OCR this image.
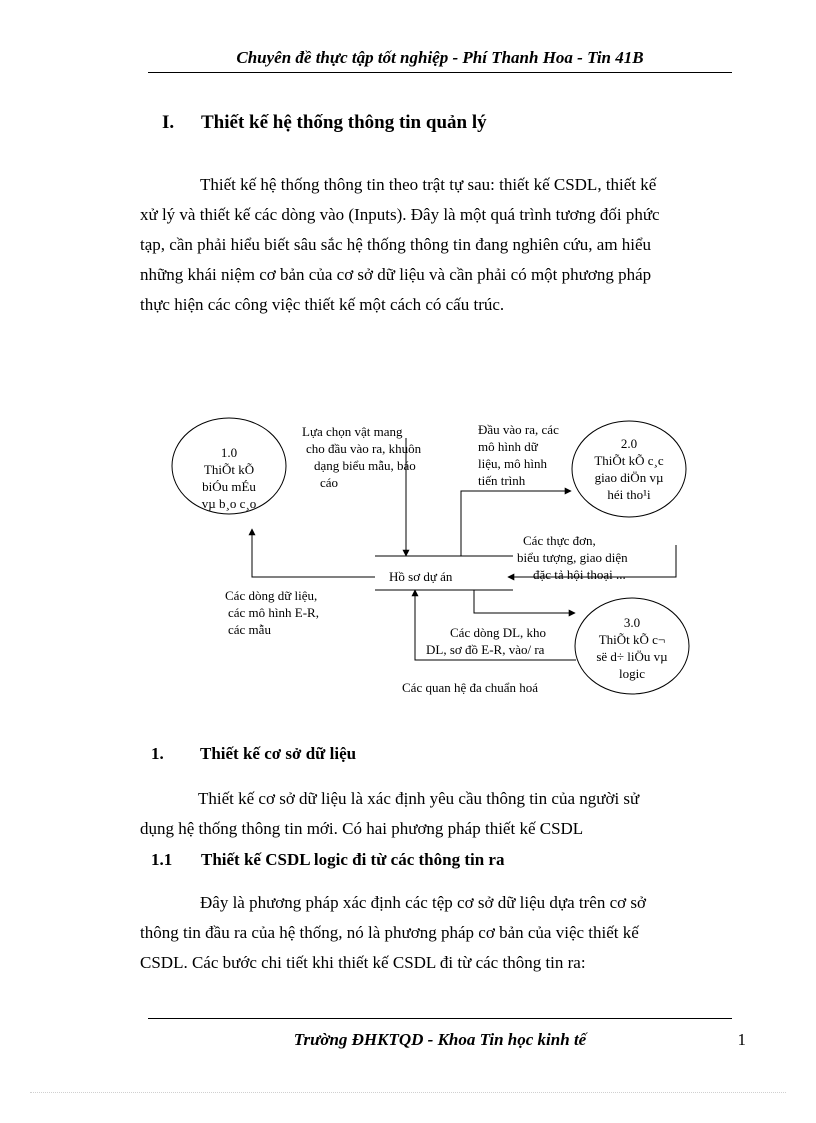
Chuyên đề thực tập tốt nghiệp - Phí Thanh Hoa - Tin 41B
I. Thiết kế hệ thống thông tin quản lý
Thiết kế hệ thống thông tin theo trật tự sau: thiết kế CSDL, thiết kế
xử lý và thiết kế các dòng vào (Inputs). Đây là một quá trình tương đối phức
tạp, cần phải hiểu biết sâu sắc hệ thống thông tin đang nghiên cứu, am hiểu
những khái niệm cơ bản của cơ sở dữ liệu và cần phải có một phương pháp
thực hiện các công việc thiết kế một cách có cấu trúc.
1.0
ThiÕt kÕ
biÓu mÉu
vµ b¸o c¸o
2.0
ThiÕt kÕ c¸c
giao diÖn vµ
héi tho¹i
3.0
ThiÕt kÕ c¬
së d÷ liÖu vµ
logic
Hồ sơ dự án
Lựa chọn vật mang
cho đầu vào ra, khuôn
dạng biểu mẫu, báo
cáo
Đầu vào ra, các
mô hình dữ
liệu, mô hình
tiến trình
Các thực đơn,
biểu tượng, giao diện
đặc tả hội thoại ...
Các dòng dữ liệu,
các mô hình E-R,
các mẫu	Các dòng DL, kho
DL, sơ đồ E-R, vào/ ra
Các quan hệ đa chuẩn hoá
1. Thiết kế cơ sở dữ liệu
Thiết kế cơ sở dữ liệu là xác định yêu cầu thông tin của người sử
dụng hệ thống thông tin mới. Có hai phương pháp thiết kế CSDL
1.1 Thiết kế CSDL logic đi từ các thông tin ra
Đây là phương pháp xác định các tệp cơ sở dữ liệu dựa trên cơ sở
thông tin đầu ra của hệ thống, nó là phương pháp cơ bản của việc thiết kế
CSDL. Các bước chi tiết khi thiết kế CSDL đi từ các thông tin ra:
Trường ĐHKTQD - Khoa Tin học kinh tế	1
